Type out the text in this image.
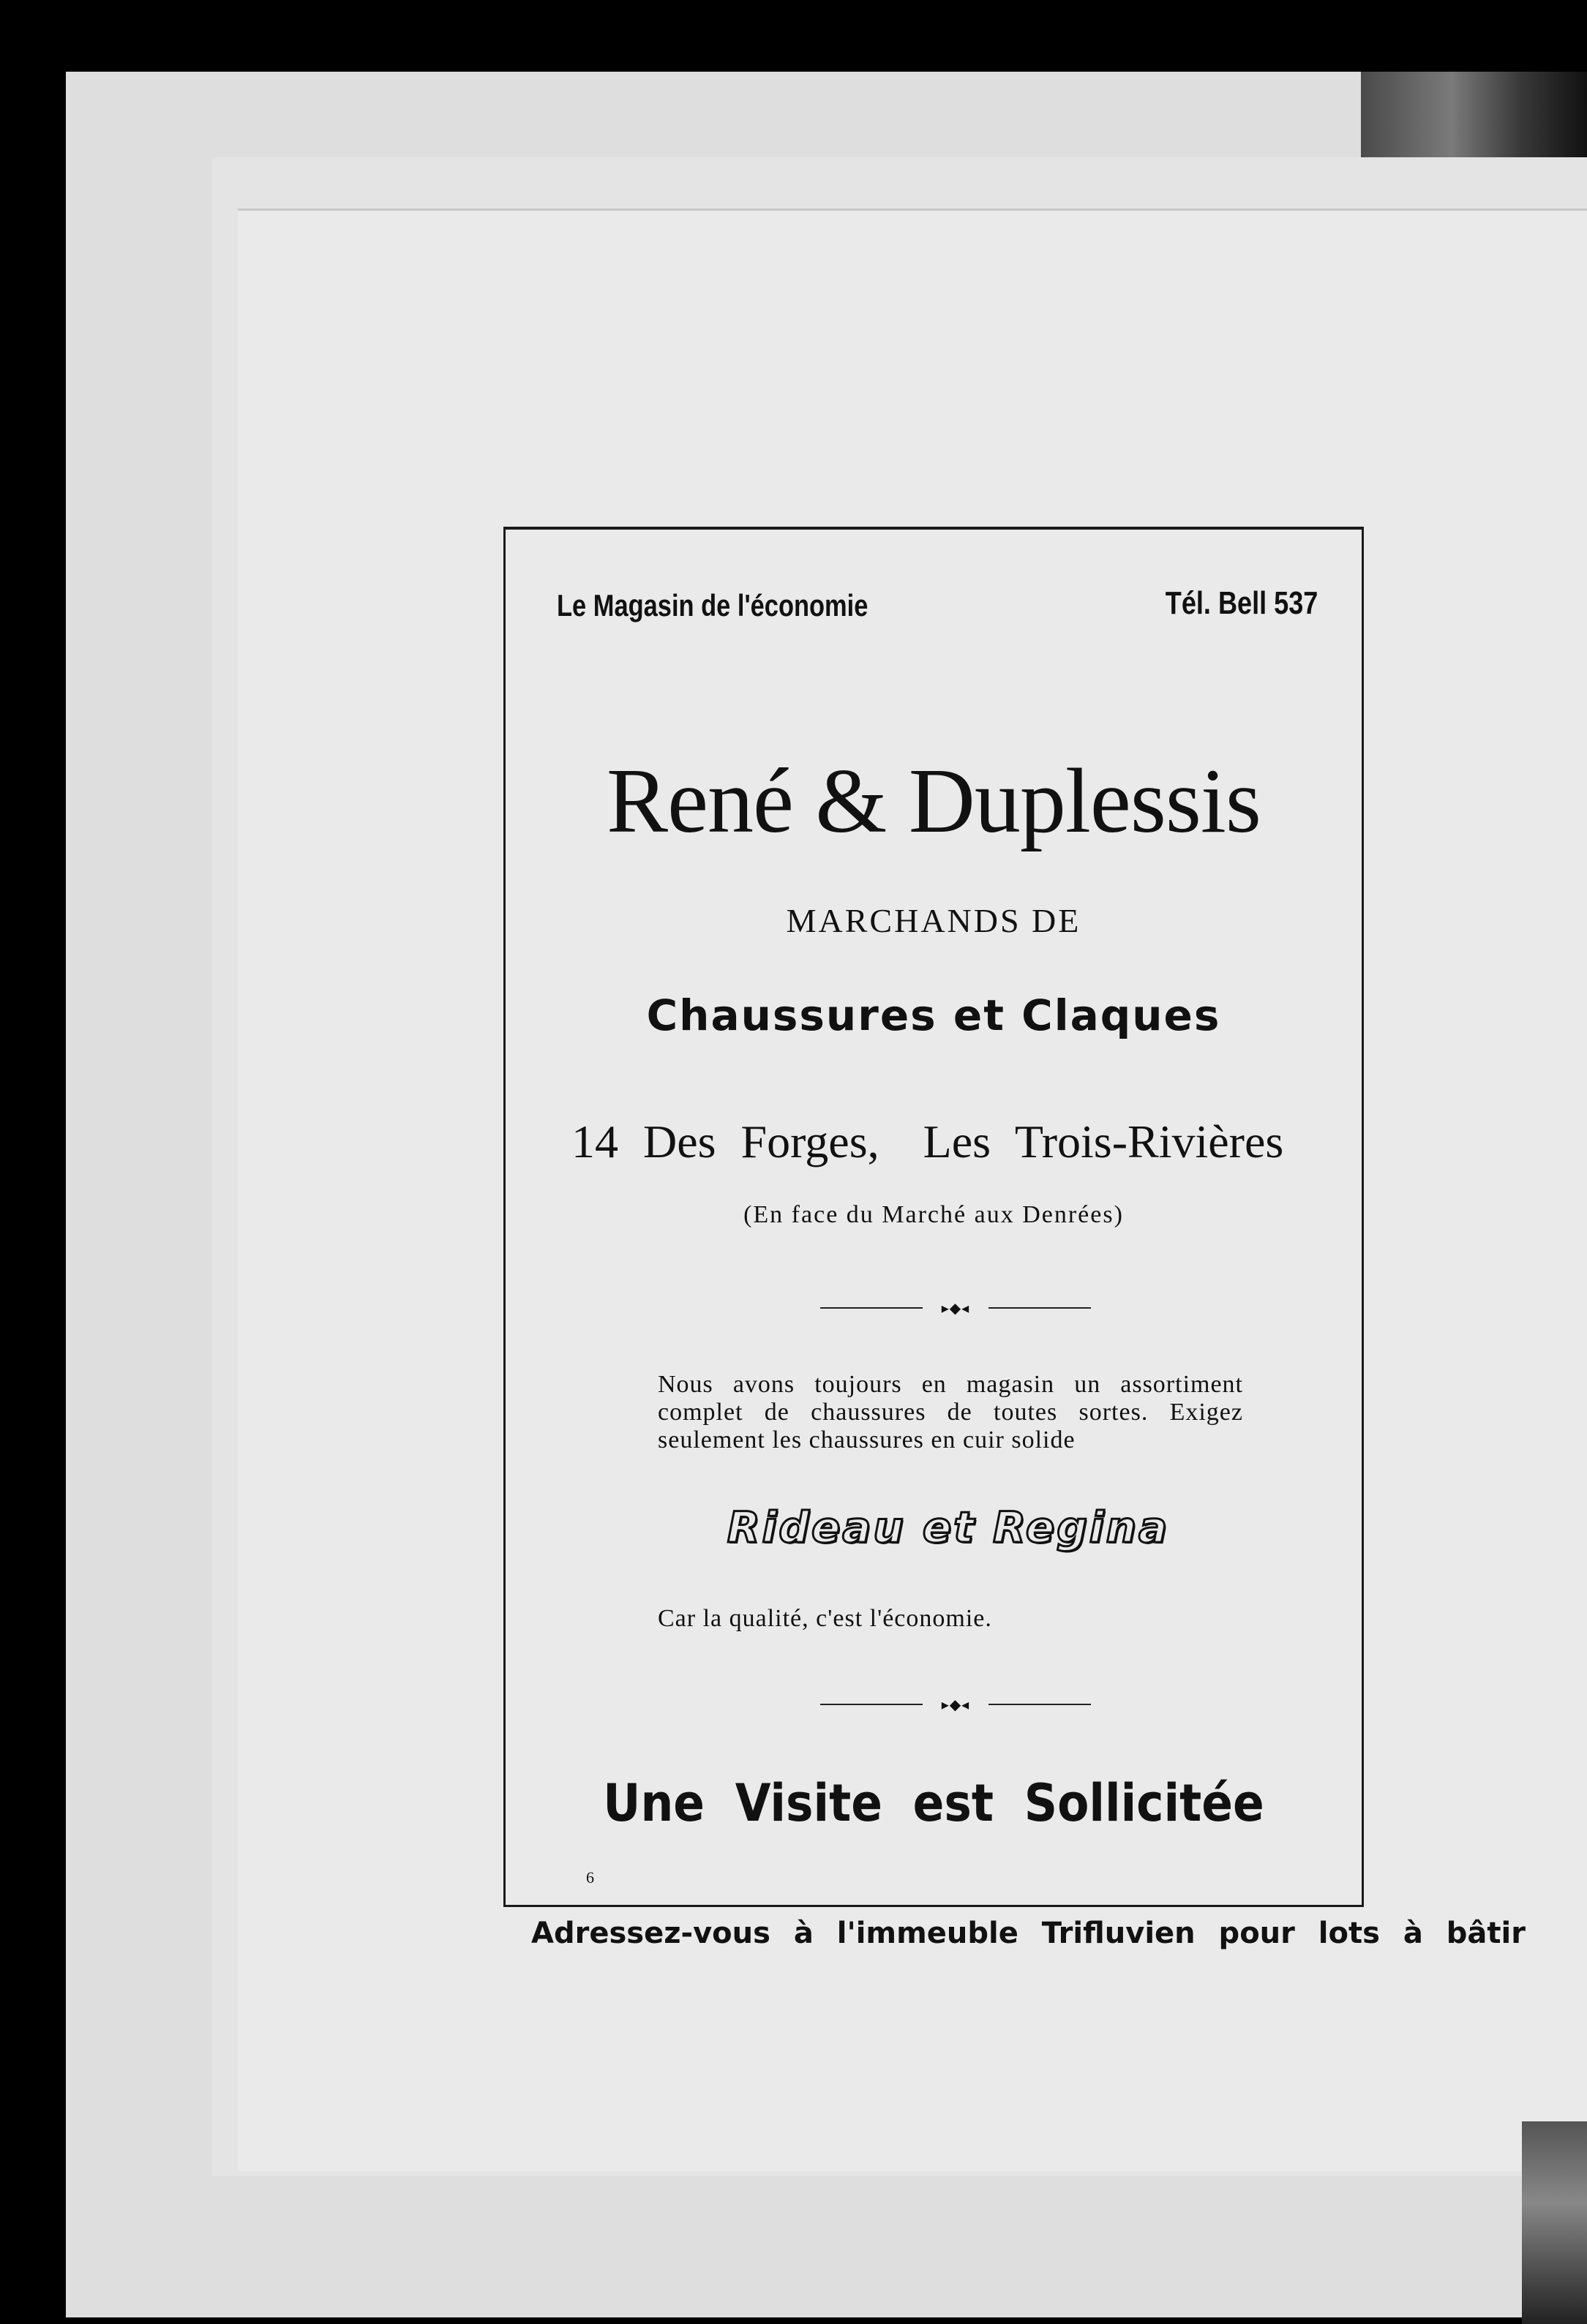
Le Magasin de l'économie	Tél. Bell 537
René & Duplessis
MARCHANDS DE
Chaussures et Claques
14 Des Forges, Les Trois-Rivières
(En face du Marché aux Denrées)
▸◆◂
Nous avons toujours en magasin un assortiment complet de chaussures de toutes sortes. Exigez seulement les chaussures en cuir solide
Rideau et Regina
Car la qualité, c'est l'économie.
▸◆◂
Une Visite est Sollicitée
6
Adressez-vous à l'immeuble Trifluvien pour lots à bâtir
